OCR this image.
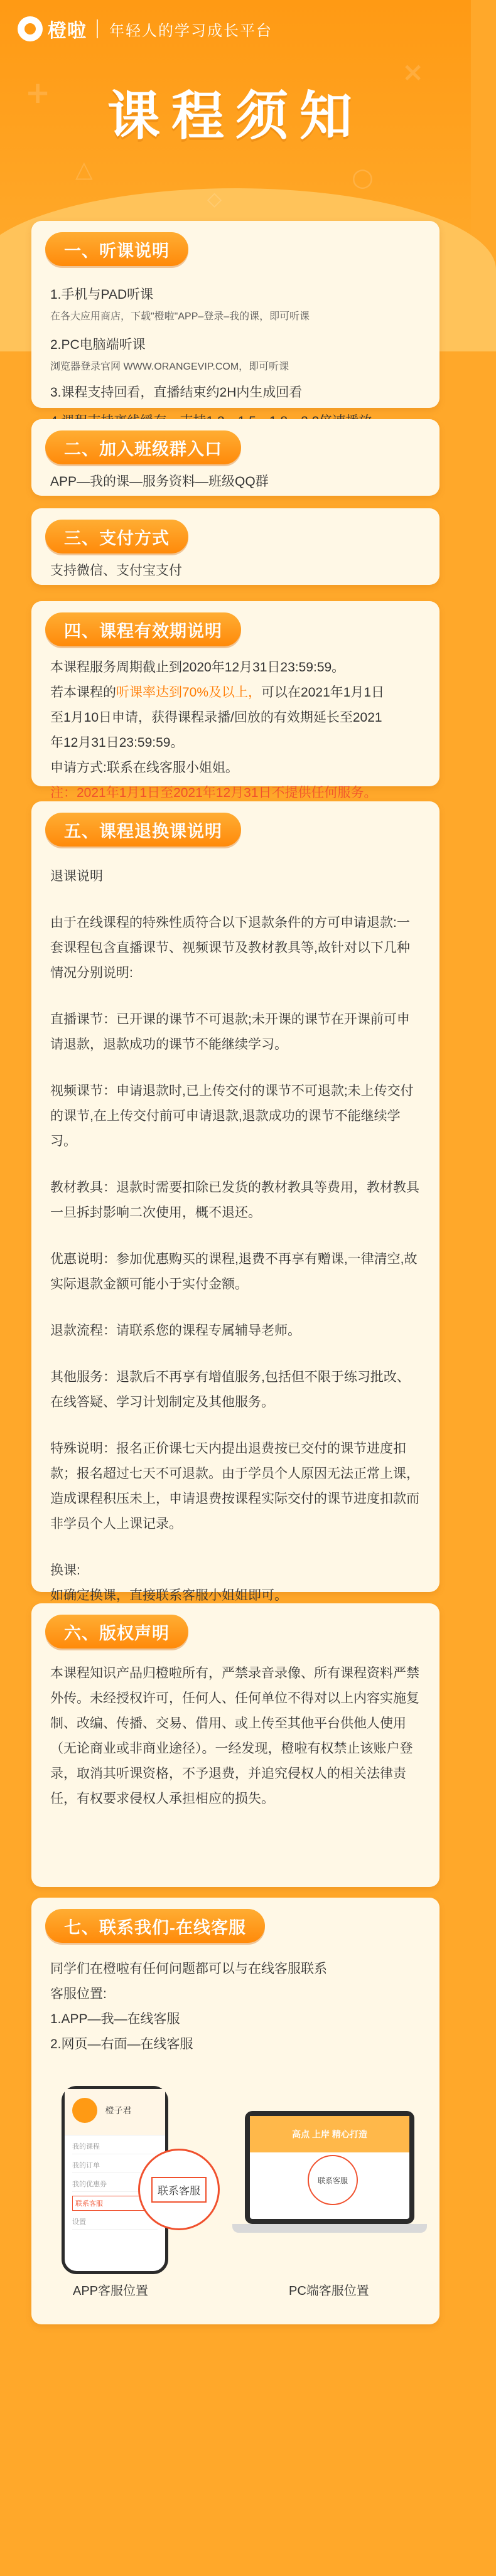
+
×
△	○
◇
橙啦 年轻人的学习成长平台
课程须知
一、听课说明
1.手机与PAD听课
在各大应用商店，下载"橙啦"APP–登录–我的课，即可听课
2.PC电脑端听课
浏览器登录官网 WWW.ORANGEVIP.COM，即可听课
3.课程支持回看，直播结束约2H内生成回看
二、加入班级群入口
APP—我的课—服务资料—班级QQ群
三、支付方式
支持微信、支付宝支付
四、课程有效期说明
本课程服务周期截止到2020年12月31日23:59:59。
若本课程的听课率达到70%及以上，可以在2021年1月1日
至1月10日申请，获得课程录播/回放的有效期延长至2021
年12月31日23:59:59。
申请方式:联系在线客服小姐姐。
注：2021年1月1日至2021年12月31日不提供任何服务。
五、课程退换课说明
退课说明
由于在线课程的特殊性质符合以下退款条件的方可申请退款:一套课程包含直播课节、视频课节及教材教具等,故针对以下几种情况分别说明:
直播课节：已开课的课节不可退款;未开课的课节在开课前可申请退款，退款成功的课节不能继续学习。
视频课节：申请退款时,已上传交付的课节不可退款;未上传交付的课节,在上传交付前可申请退款,退款成功的课节不能继续学习。
教材教具：退款时需要扣除已发货的教材教具等费用，教材教具一旦拆封影响二次使用，概不退还。
优惠说明：参加优惠购买的课程,退费不再享有赠课,一律清空,故实际退款金额可能小于实付金额。
退款流程：请联系您的课程专属辅导老师。
其他服务：退款后不再享有增值服务,包括但不限于练习批改、在线答疑、学习计划制定及其他服务。
特殊说明：报名正价课七天内提出退费按已交付的课节进度扣款；报名超过七天不可退款。由于学员个人原因无法正常上课，造成课程积压未上，申请退费按课程实际交付的课节进度扣款而非学员个人上课记录。
换课:
如确定换课，直接联系客服小姐姐即可。
六、版权声明
本课程知识产品归橙啦所有，严禁录音录像、所有课程资料严禁外传。未经授权许可，任何人、任何单位不得对以上内容实施复制、改编、传播、交易、借用、或上传至其他平台供他人使用（无论商业或非商业途径）。一经发现，橙啦有权禁止该账户登录，取消其听课资格，不予退费，并追究侵权人的相关法律责任，有权要求侵权人承担相应的损失。
七、联系我们-在线客服
同学们在橙啦有任何问题都可以与在线客服联系
客服位置:
1.APP—我—在线客服
2.网页—右面—在线客服
橙子君
我的课程
我的订单
我的优惠券
联系客服
设置
联系客服
高点 上岸 精心打造
联系客服
APP客服位置	PC端客服位置
